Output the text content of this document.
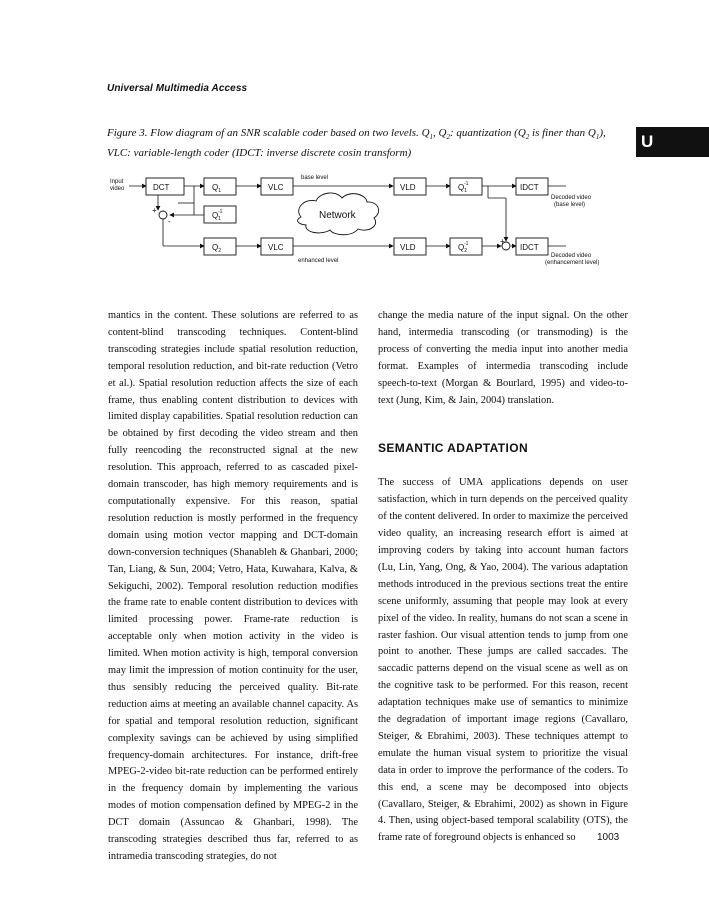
Universal Multimedia Access
Figure 3. Flow diagram of an SNR scalable coder based on two levels. $Q_1$, $Q_2$: quantization ($Q_2$ is finer than $Q_1$), VLC: variable-length coder (IDCT: inverse discrete cosin transform)
U
Input
video
base level
enhanced level
Decoded video
(base level)
Decoded video
(enhancement level)
+
-
+
DCT	$Q_1$	VLC	VLD	$Q_1-1$	IDCT
$Q_1-1$
$Q_2$	VLC	VLD	$Q_2-1$	IDCT
Network

mantics in the content. These solutions are referred to as content-blind transcoding techniques. Content-blind transcoding strategies include spatial resolution reduction, temporal resolution reduction, and bit-rate reduction (Vetro et al.). Spatial resolution reduction affects the size of each frame, thus enabling content distribution to devices with limited display capabilities. Spatial resolution reduction can be obtained by first decoding the video stream and then fully reencoding the reconstructed signal at the new resolution. This approach, referred to as cascaded pixel-domain transcoder, has high memory requirements and is computationally expensive. For this reason, spatial resolution reduction is mostly performed in the frequency domain using motion vector mapping and DCT-domain down-conversion techniques (Shanableh & Ghanbari, 2000; Tan, Liang, & Sun, 2004; Vetro, Hata, Kuwahara, Kalva, & Sekiguchi, 2002). Temporal resolution reduction modifies the frame rate to enable content distribution to devices with limited processing power. Frame-rate reduction is acceptable only when motion activity in the video is limited. When motion activity is high, temporal conversion may limit the impression of motion continuity for the user, thus sensibly reducing the perceived quality. Bit-rate reduction aims at meeting an available channel capacity. As for spatial and temporal resolution reduction, significant complexity savings can be achieved by using simplified frequency-domain architectures. For instance, drift-free MPEG-2-video bit-rate reduction can be performed entirely in the frequency domain by implementing the various modes of motion compensation defined by MPEG-2 in the DCT domain (Assuncao & Ghanbari, 1998). The transcoding strategies described thus far, referred to as intramedia transcoding strategies, do not

change the media nature of the input signal. On the other hand, intermedia transcoding (or transmoding) is the process of converting the media input into another media format. Examples of intermedia transcoding include speech-to-text (Morgan & Bourlard, 1995) and video-to-text (Jung, Kim, & Jain, 2004) translation.

SEMANTIC ADAPTATION

The success of UMA applications depends on user satisfaction, which in turn depends on the perceived quality of the content delivered. In order to maximize the perceived video quality, an increasing research effort is aimed at improving coders by taking into account human factors (Lu, Lin, Yang, Ong, & Yao, 2004). The various adaptation methods introduced in the previous sections treat the entire scene uniformly, assuming that people may look at every pixel of the video. In reality, humans do not scan a scene in raster fashion. Our visual attention tends to jump from one point to another. These jumps are called saccades. The saccadic patterns depend on the visual scene as well as on the cognitive task to be performed. For this reason, recent adaptation techniques make use of semantics to minimize the degradation of important image regions (Cavallaro, Steiger, & Ebrahimi, 2003). These techniques attempt to emulate the human visual system to prioritize the visual data in order to improve the performance of the coders. To this end, a scene may be decomposed into objects (Cavallaro, Steiger, & Ebrahimi, 2002) as shown in Figure 4. Then, using object-based temporal scalability (OTS), the frame rate of foreground objects is enhanced so	1003
